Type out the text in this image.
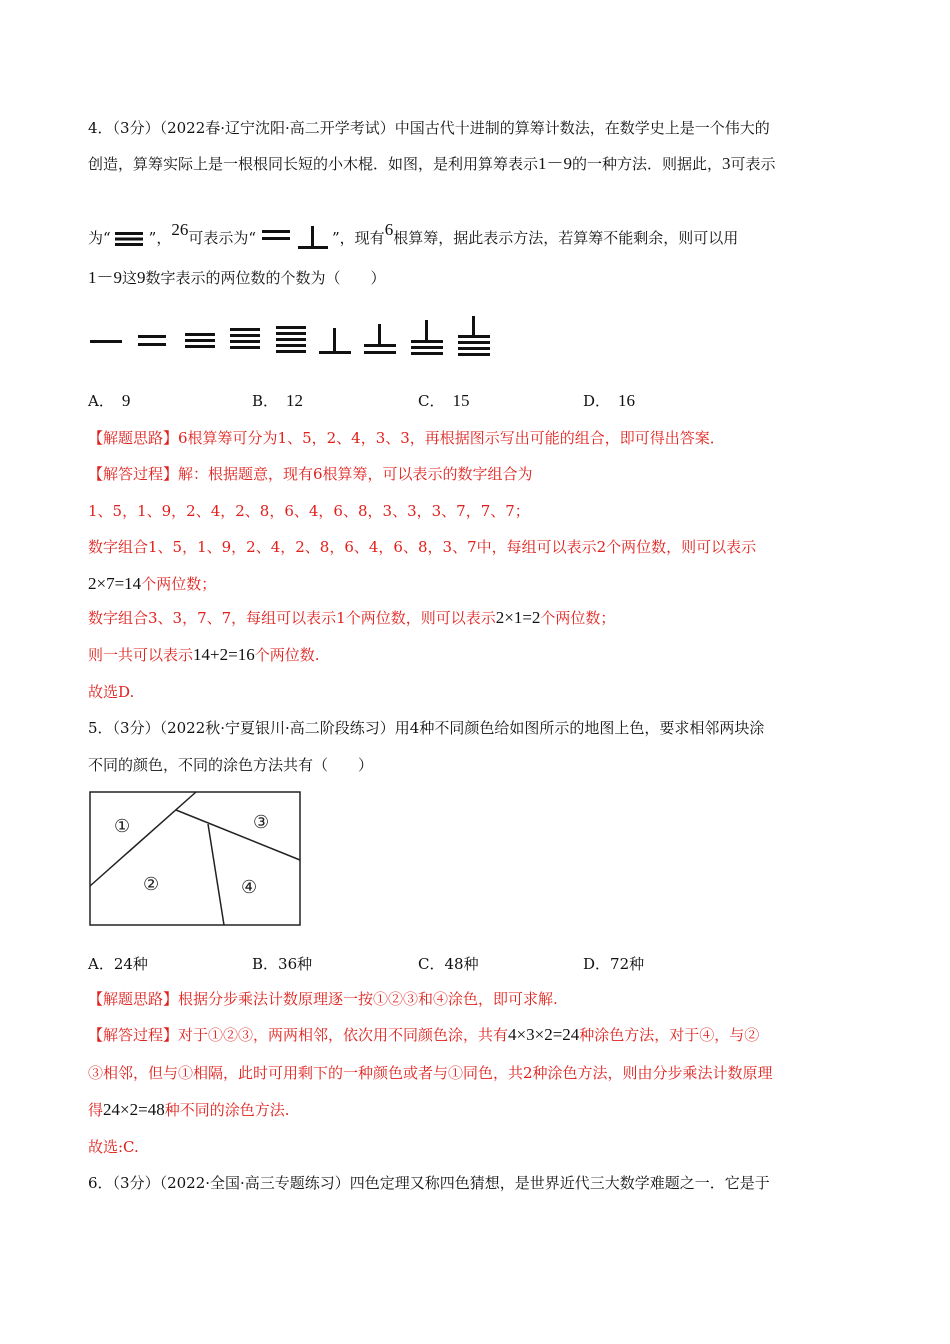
4．（3分）（2022春·辽宁沈阳·高二开学考试）中国古代十进制的算筹计数法，在数学史上是一个伟大的
创造，算筹实际上是一根根同长短的小木棍．如图，是利用算筹表示1－9的一种方法．则据此，3可表示
为“	”，26可表示为“	”，现有6根算筹，据此表示方法，若算筹不能剩余，则可以用
1－9这9数字表示的两位数的个数为（　　）
A． 9	B． 12	C． 15	D． 16
【解题思路】6根算筹可分为1、5，2、4，3、3，再根据图示写出可能的组合，即可得出答案．
【解答过程】解：根据题意，现有6根算筹，可以表示的数字组合为
1、5，1、9，2、4，2、8，6、4，6、8，3、3，3、7，7、7；
数字组合1、5，1、9，2、4，2、8，6、4，6、8，3、7中，每组可以表示2个两位数，则可以表示
2×7=14个两位数；
数字组合3、3，7、7，每组可以表示1个两位数，则可以表示2×1=2个两位数；
则一共可以表示14+2=16个两位数.
故选D.
5．（3分）（2022秋·宁夏银川·高二阶段练习）用4种不同颜色给如图所示的地图上色，要求相邻两块涂
不同的颜色，不同的涂色方法共有（　　）
①
②
③
④
A．24种	B．36种	C．48种	D．72种
【解题思路】根据分步乘法计数原理逐一按①②③和④涂色，即可求解.
【解答过程】对于①②③，两两相邻，依次用不同颜色涂，共有4×3×2=24种涂色方法，对于④，与②
③相邻，但与①相隔，此时可用剩下的一种颜色或者与①同色，共2种涂色方法，则由分步乘法计数原理
得24×2=48种不同的涂色方法.
故选:C.
6．（3分）（2022·全国·高三专题练习）四色定理又称四色猜想，是世界近代三大数学难题之一．它是于
